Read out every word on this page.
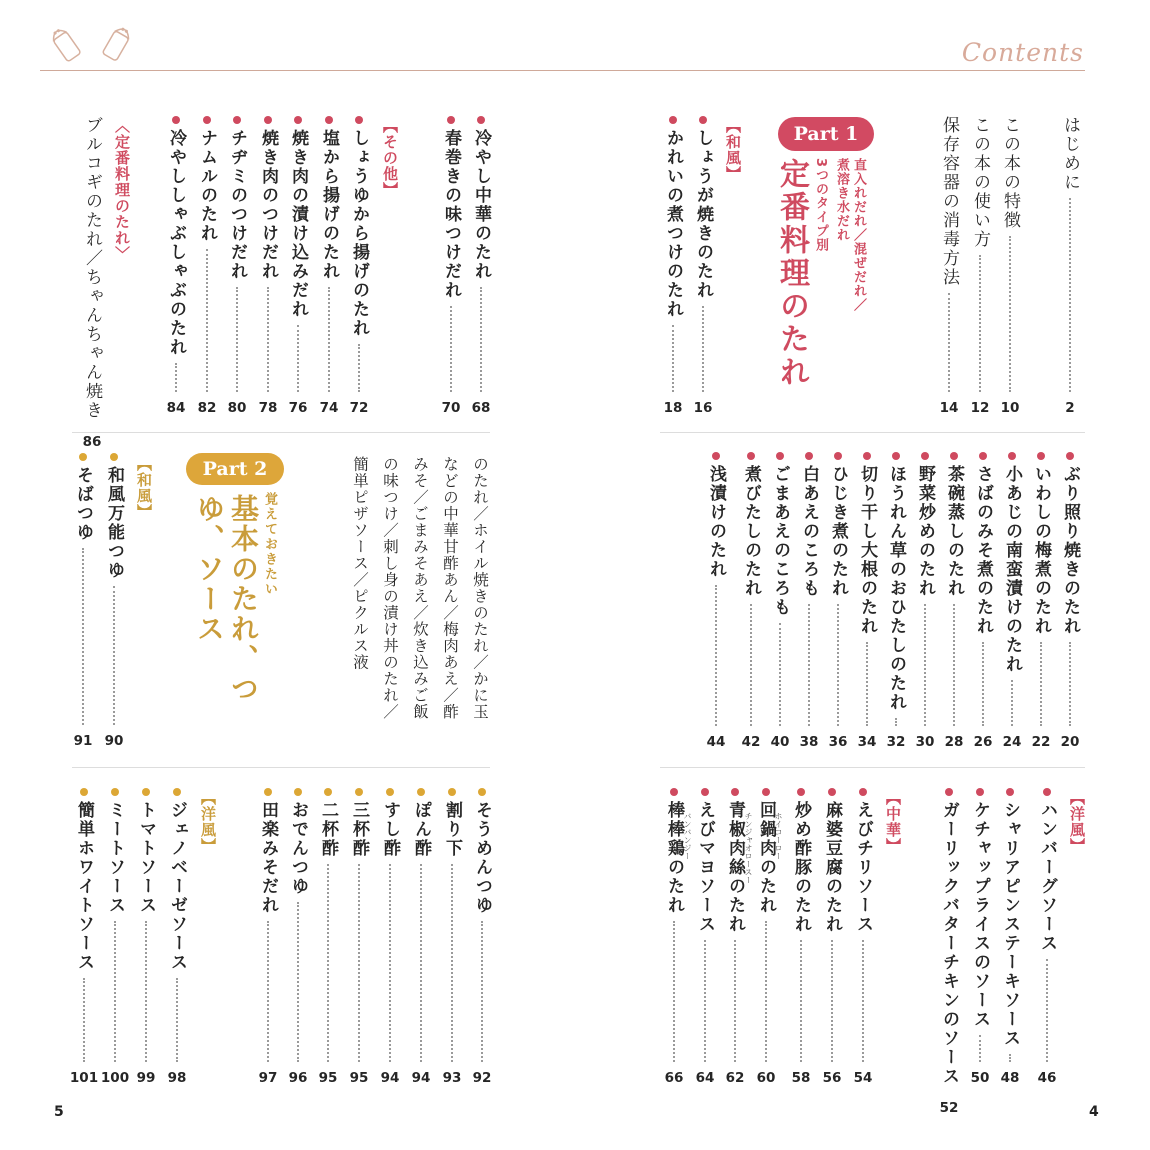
Contents
5	4
はじめに
2
この本の特徴
10
この本の使い方
12
保存容器の消毒方法
14
Part 1
直入れだれ／混ぜだれ／
煮溶き水だれ
3つのタイプ別
定番料理のたれ
【和風】
しょうが焼きのたれ
16
かれいの煮つけのたれ
18
ぶり照り焼きのたれ
20
いわしの梅煮のたれ
22
小あじの南蛮漬けのたれ
24
さばのみそ煮のたれ
26
茶碗蒸しのたれ
28
野菜炒めのたれ
30
ほうれん草のおひたしのたれ
32
切り干し大根のたれ
34
ひじき煮のたれ
36
白あえのころも
38
ごまあえのころも
40
煮びたしのたれ
42
浅漬けのたれ
44
【洋風】
ハンバーグソース
46
シャリアピンステーキソース
48
ケチャップライスのソース
50
ガーリックバターチキンのソース
52
【中華】
えびチリソース
54
麻婆豆腐のたれ
56
炒め酢豚のたれ
58
回鍋肉のたれ
60
ホイコーロー
青椒肉絲のたれ
62
チンジャオロースー
えびマヨソース
64
バンバンジー
棒棒鶏のたれ
66
冷やし中華のたれ
68
春巻きの味つけだれ
70
【その他】
しょうゆから揚げのたれ
72
塩から揚げのたれ
74
焼き肉の漬け込みだれ
76
焼き肉のつけだれ
78
チヂミのつけだれ
80
ナムルのたれ
82
冷やししゃぶしゃぶのたれ
84
〈定番料理のたれ〉
ブルコギのたれ／ちゃんちゃん焼き
86
のたれ／ホイル焼きのたれ／かに玉
などの中華甘酢あん／梅肉あえ／酢
みそ／ごまみそあえ／炊き込みご飯
の味つけ／刺し身の漬け丼のたれ／
簡単ピザソース／ピクルス液
Part 2
覚えておきたい
基本のたれ、つゆ、ソース
【和風】
和風万能つゆ
90
そばつゆ
91
そうめんつゆ
92
割り下
93
ぽん酢
94
すし酢
94
三杯酢
95
二杯酢
95
おでんつゆ
96
田楽みそだれ
97
【洋風】
ジェノベーゼソース
98
トマトソース
99
ミートソース
100
簡単ホワイトソース
101
